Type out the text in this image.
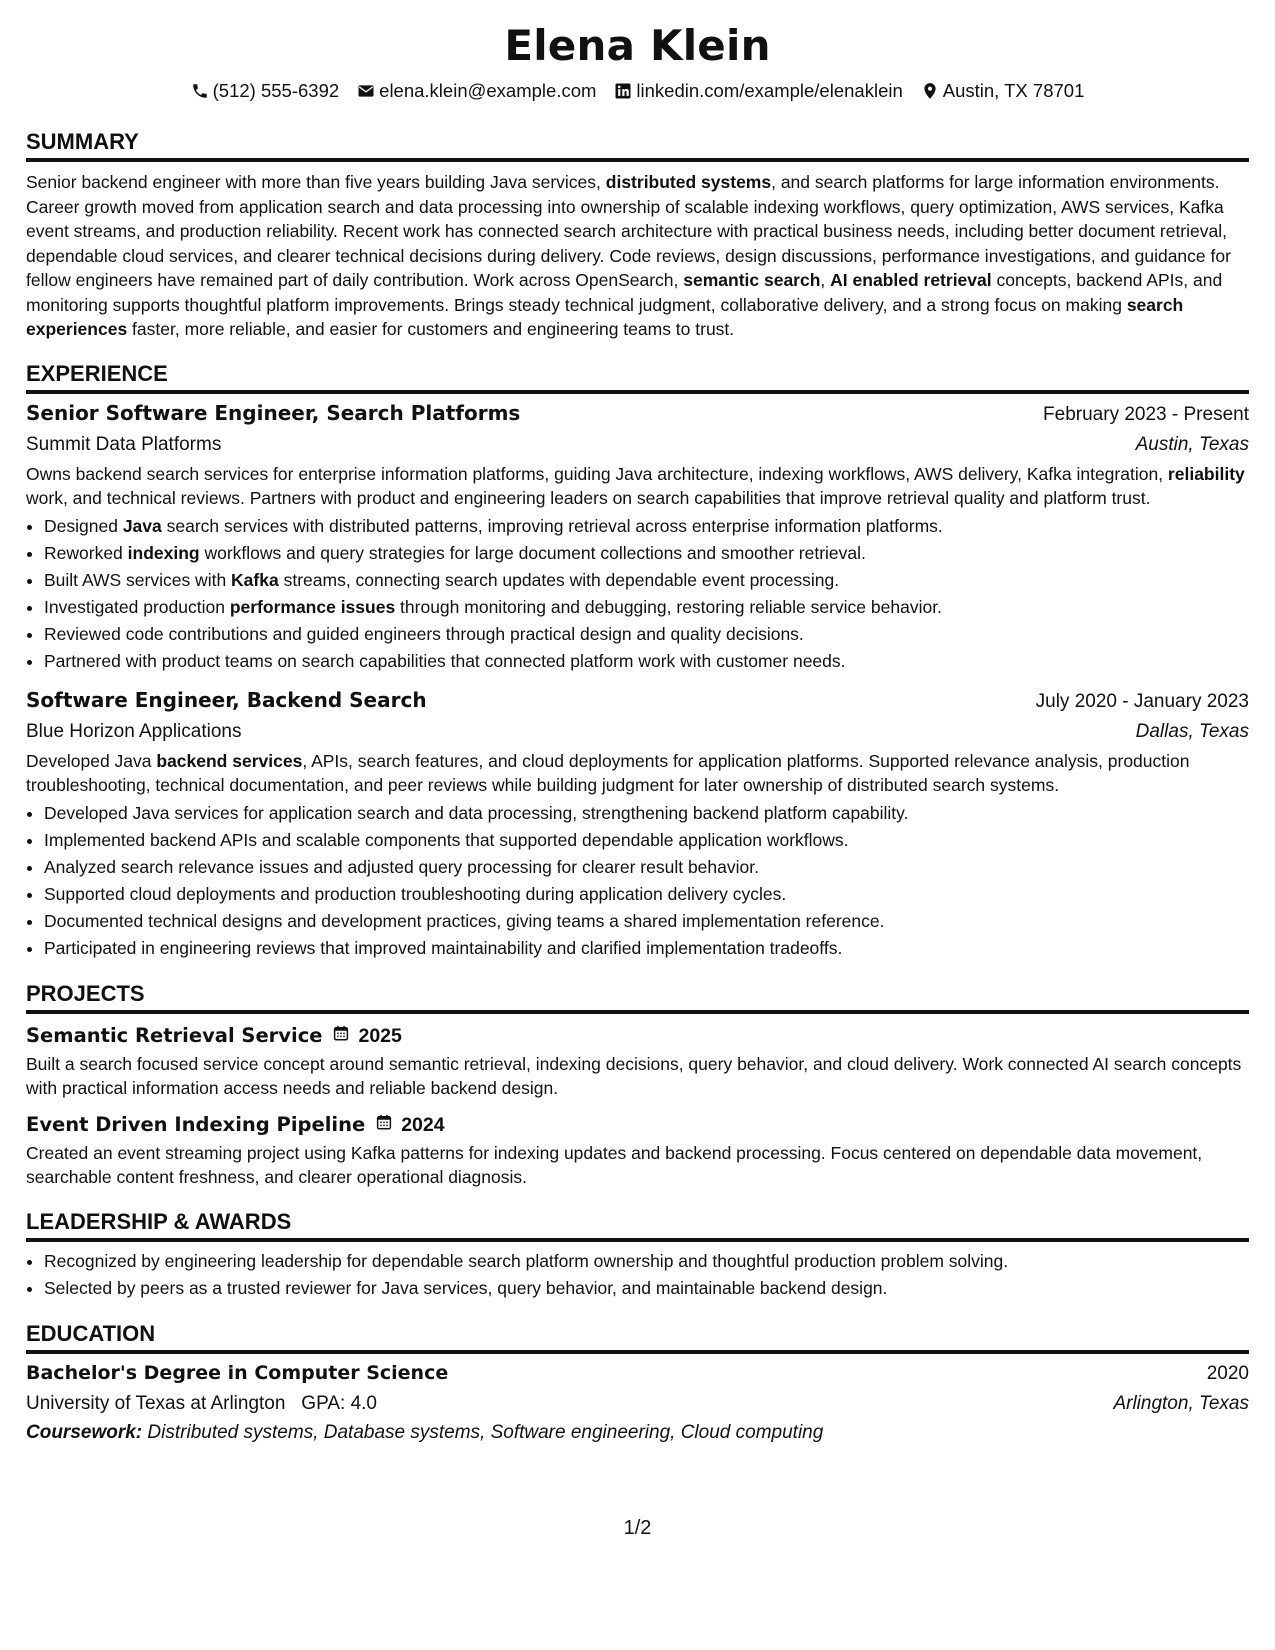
Elena Klein
(512) 555-6392 elena.klein@example.com linkedin.com/example/elenaklein Austin, TX 78701
SUMMARY

Senior backend engineer with more than five years building Java services, distributed systems, and search platforms for large information environments. Career growth moved from application search and data processing into ownership of scalable indexing workflows, query optimization, AWS services, Kafka event streams, and production reliability. Recent work has connected search architecture with practical business needs, including better document retrieval, dependable cloud services, and clearer technical decisions during delivery. Code reviews, design discussions, performance investigations, and guidance for fellow engineers have remained part of daily contribution. Work across OpenSearch, semantic search, AI enabled retrieval concepts, backend APIs, and monitoring supports thoughtful platform improvements. Brings steady technical judgment, collaborative delivery, and a strong focus on making search experiences faster, more reliable, and easier for customers and engineering teams to trust.

EXPERIENCE
Senior Software Engineer, Search Platforms	February 2023 - Present
Summit Data Platforms	Austin, Texas

Owns backend search services for enterprise information platforms, guiding Java architecture, indexing workflows, AWS delivery, Kafka integration, reliability work, and technical reviews. Partners with product and engineering leaders on search capabilities that improve retrieval quality and platform trust.

• Designed Java search services with distributed patterns, improving retrieval across enterprise information platforms.
• Reworked indexing workflows and query strategies for large document collections and smoother retrieval.
• Built AWS services with Kafka streams, connecting search updates with dependable event processing.
• Investigated production performance issues through monitoring and debugging, restoring reliable service behavior.
• Reviewed code contributions and guided engineers through practical design and quality decisions.
• Partnered with product teams on search capabilities that connected platform work with customer needs.
Software Engineer, Backend Search	July 2020 - January 2023
Blue Horizon Applications	Dallas, Texas

Developed Java backend services, APIs, search features, and cloud deployments for application platforms. Supported relevance analysis, production troubleshooting, technical documentation, and peer reviews while building judgment for later ownership of distributed search systems.

• Developed Java services for application search and data processing, strengthening backend platform capability.
• Implemented backend APIs and scalable components that supported dependable application workflows.
• Analyzed search relevance issues and adjusted query processing for clearer result behavior.
• Supported cloud deployments and production troubleshooting during application delivery cycles.
• Documented technical designs and development practices, giving teams a shared implementation reference.
• Participated in engineering reviews that improved maintainability and clarified implementation tradeoffs.
PROJECTS
Semantic Retrieval Service 2025

Built a search focused service concept around semantic retrieval, indexing decisions, query behavior, and cloud delivery. Work connected AI search concepts with practical information access needs and reliable backend design.

Event Driven Indexing Pipeline 2024

Created an event streaming project using Kafka patterns for indexing updates and backend processing. Focus centered on dependable data movement, searchable content freshness, and clearer operational diagnosis.

LEADERSHIP & AWARDS
• Recognized by engineering leadership for dependable search platform ownership and thoughtful production problem solving.
• Selected by peers as a trusted reviewer for Java services, query behavior, and maintainable backend design.
EDUCATION
Bachelor's Degree in Computer Science	2020
University of Texas at Arlington GPA: 4.0	Arlington, Texas
Coursework: Distributed systems, Database systems, Software engineering, Cloud computing
1/2
